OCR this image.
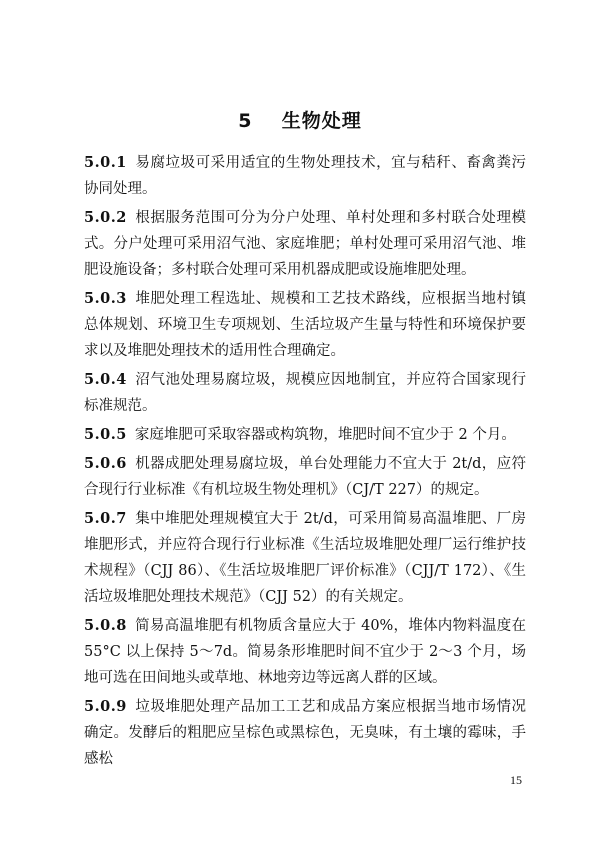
5 生物处理

5.0.1 易腐垃圾可采用适宜的生物处理技术，宜与秸秆、畜禽粪污协同处理。

5.0.2 根据服务范围可分为分户处理、单村处理和多村联合处理模式。分户处理可采用沼气池、家庭堆肥；单村处理可采用沼气池、堆肥设施设备；多村联合处理可采用机器成肥或设施堆肥处理。

5.0.3 堆肥处理工程选址、规模和工艺技术路线，应根据当地村镇总体规划、环境卫生专项规划、生活垃圾产生量与特性和环境保护要求以及堆肥处理技术的适用性合理确定。

5.0.4 沼气池处理易腐垃圾，规模应因地制宜，并应符合国家现行标准规范。

5.0.5 家庭堆肥可采取容器或构筑物，堆肥时间不宜少于 2 个月。

5.0.6 机器成肥处理易腐垃圾，单台处理能力不宜大于 2t/d，应符合现行行业标准《有机垃圾生物处理机》（CJ/T 227）的规定。

5.0.7 集中堆肥处理规模宜大于 2t/d，可采用简易高温堆肥、厂房堆肥形式，并应符合现行行业标准《生活垃圾堆肥处理厂运行维护技术规程》（CJJ 86）、《生活垃圾堆肥厂评价标准》（CJJ/T 172）、《生活垃圾堆肥处理技术规范》（CJJ 52）的有关规定。

5.0.8 简易高温堆肥有机物质含量应大于 40%，堆体内物料温度在 55°C 以上保持 5～7d。简易条形堆肥时间不宜少于 2～3 个月，场地可选在田间地头或草地、林地旁边等远离人群的区域。

5.0.9 垃圾堆肥处理产品加工工艺和成品方案应根据当地市场情况确定。发酵后的粗肥应呈棕色或黑棕色，无臭味，有土壤的霉味，手感松

15
